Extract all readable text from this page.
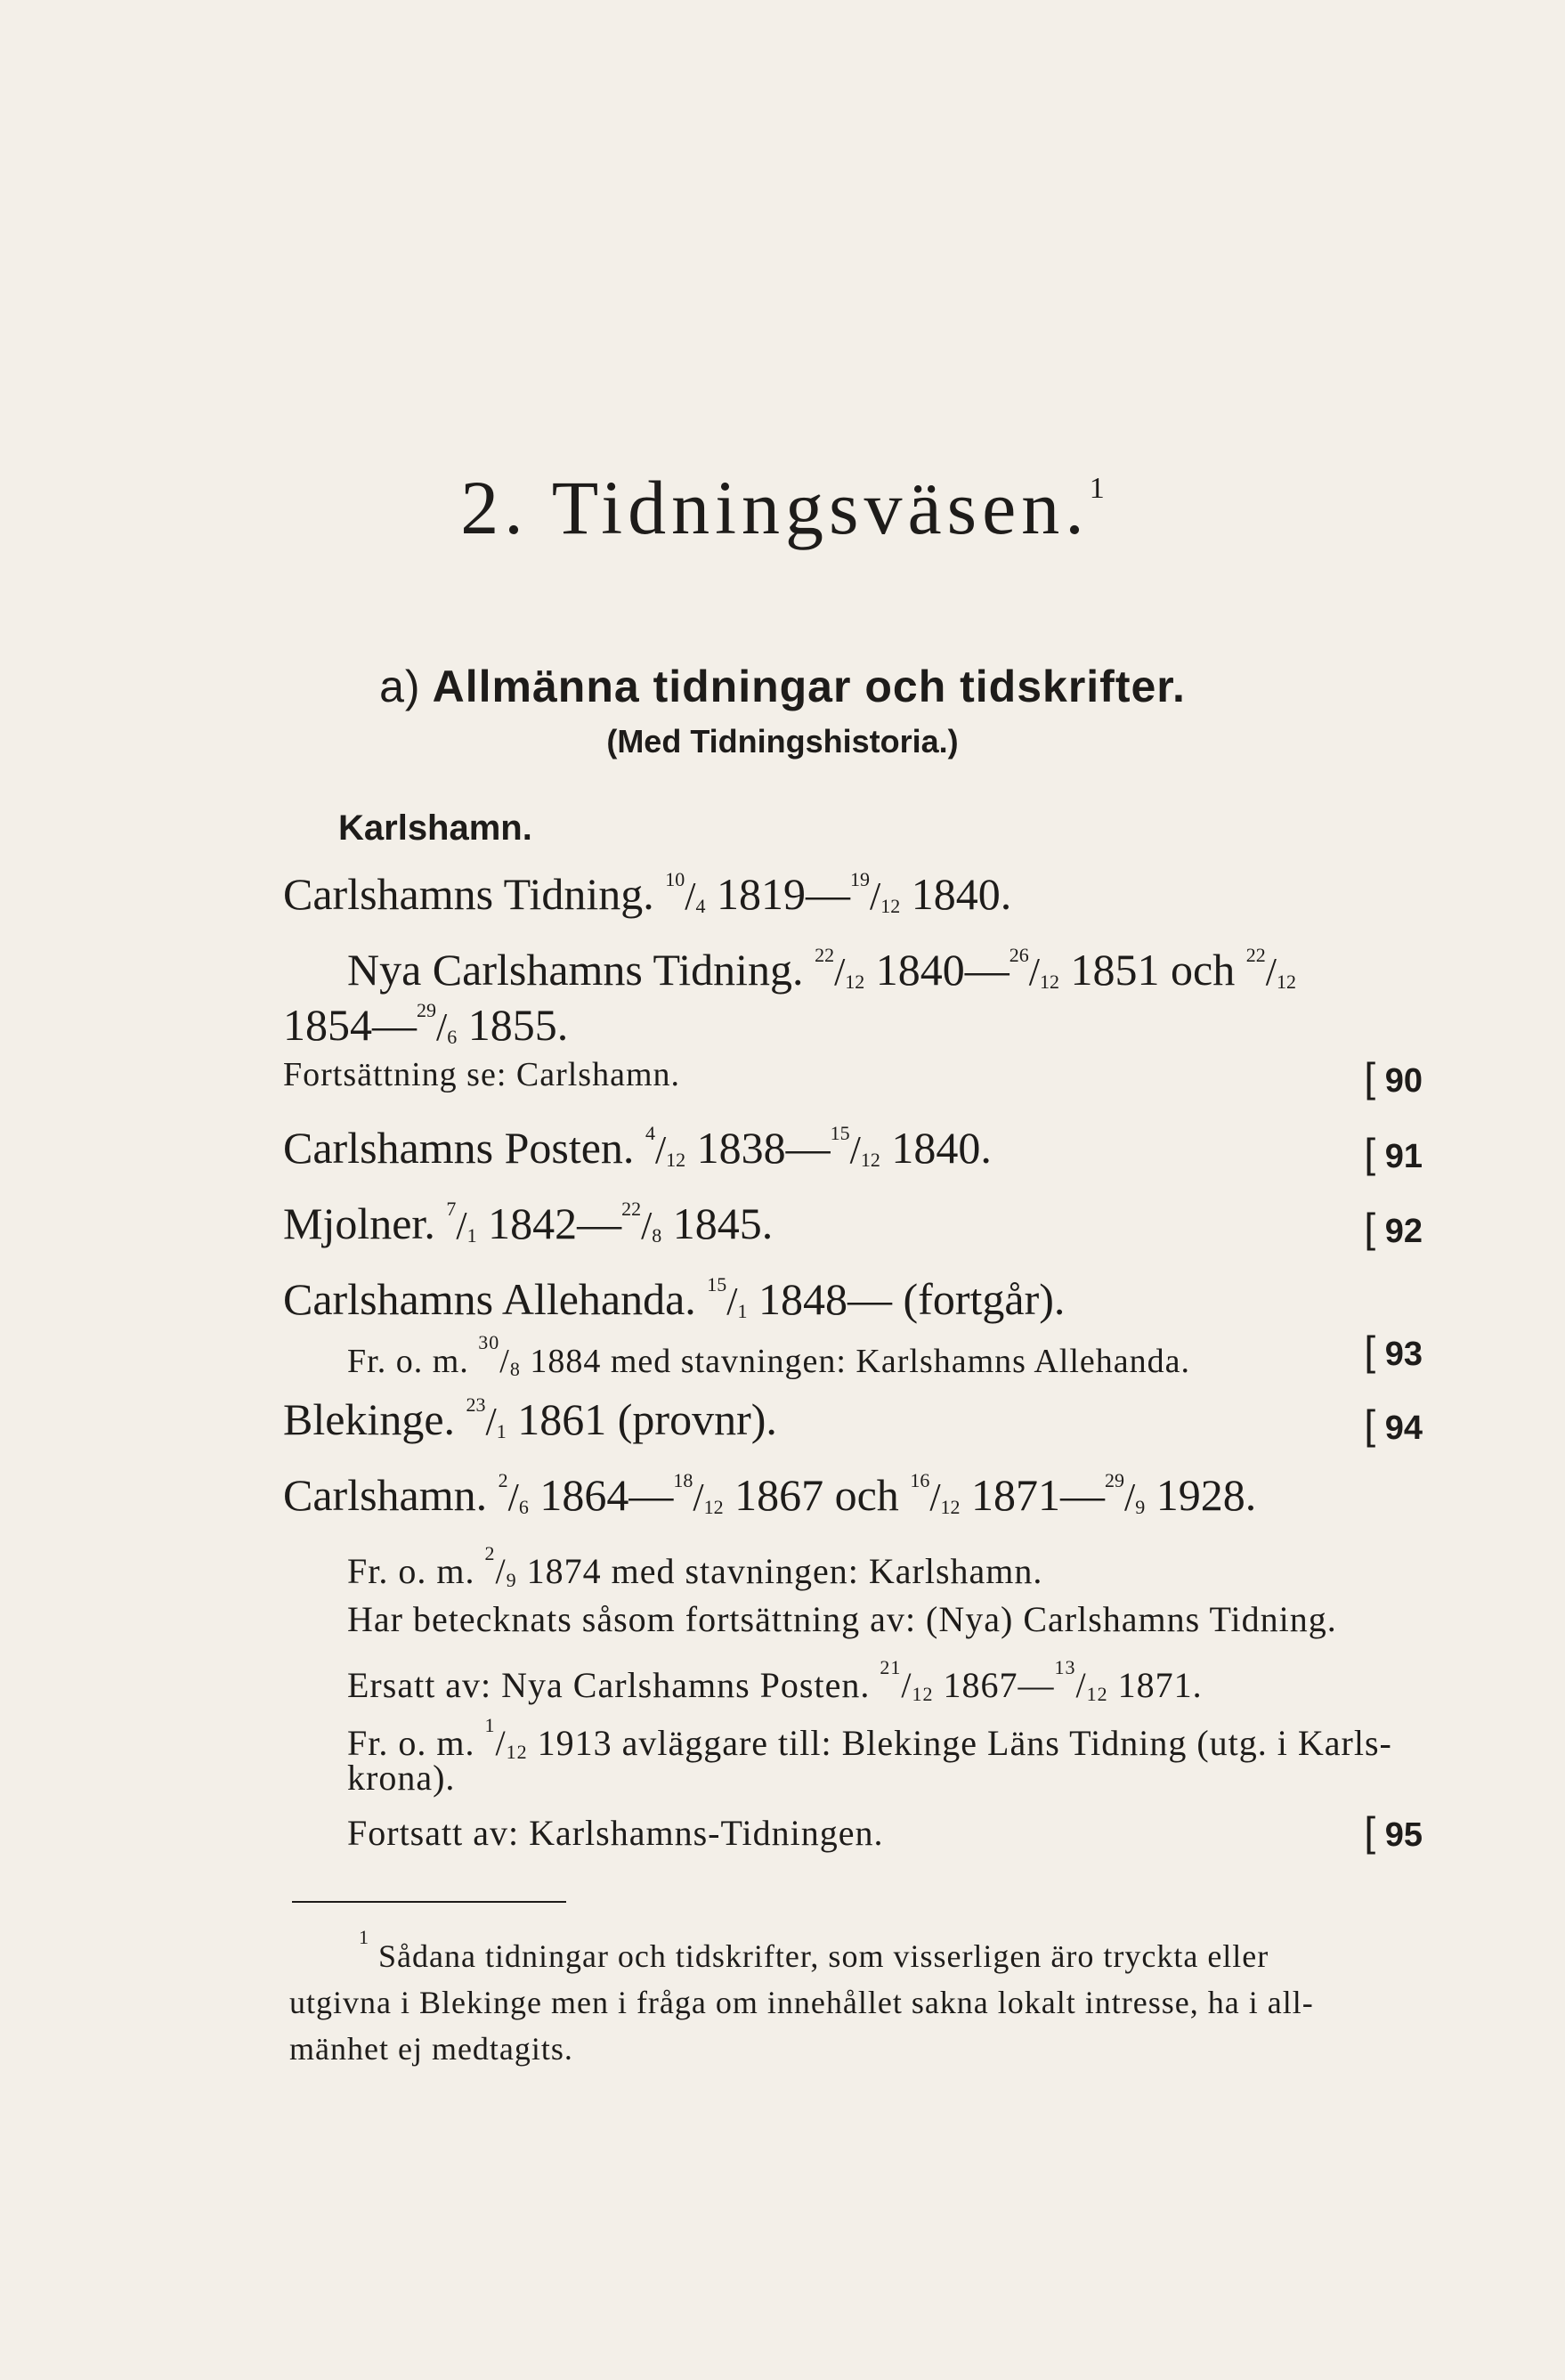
2. Tidningsväsen.$^1$
a) Allmänna tidningar och tidskrifter.
(Med Tidningshistoria.)
Karlshamn.
Carlshamns Tidning. $^{10}/_4$ $1819—^{19}/_{12}$ 1840.
Nya Carlshamns Tidning. $^{22}/_{12}$ $1840—^{26}/_{12}$ 1851 och $^{22}/_{12}$
$1854—^{29}/_6$ 1855.
Fortsättning se: Carlshamn.	[ 90
Carlshamns Posten. $^4/_{12}$ $1838—^{15}/_{12}$ 1840.	[ 91
Mjolner. $^7/_1$ $1842—^{22}/_8$ 1845.	[ 92
Carlshamns Allehanda. $^{15}/_1$ 1848— (fortgår).
Fr. o. m. $^{30}/_8$ 1884 med stavningen: Karlshamns Allehanda.	[ 93
Blekinge. $^{23}/_1$ 1861 (provnr).	[ 94
Carlshamn. $^2/_6$ $1864—^{18}/_{12}$ 1867 och $^{16}/_{12}$ $1871—^{29}/_9$ 1928.
Fr. o. m. $^2/_9$ 1874 med stavningen: Karlshamn.
Har betecknats såsom fortsättning av: (Nya) Carlshamns Tidning.
Ersatt av: Nya Carlshamns Posten. $^{21}/_{12}$ $1867—^{13}/_{12}$ 1871.
Fr. o. m. $^1/_{12}$ 1913 avläggare till: Blekinge Läns Tidning (utg. i Karls-
krona).
Fortsatt av: Karlshamns-Tidningen.	[ 95
$^1$ Sådana tidningar och tidskrifter, som visserligen äro tryckta eller
utgivna i Blekinge men i fråga om innehållet sakna lokalt intresse, ha i all-
mänhet ej medtagits.
